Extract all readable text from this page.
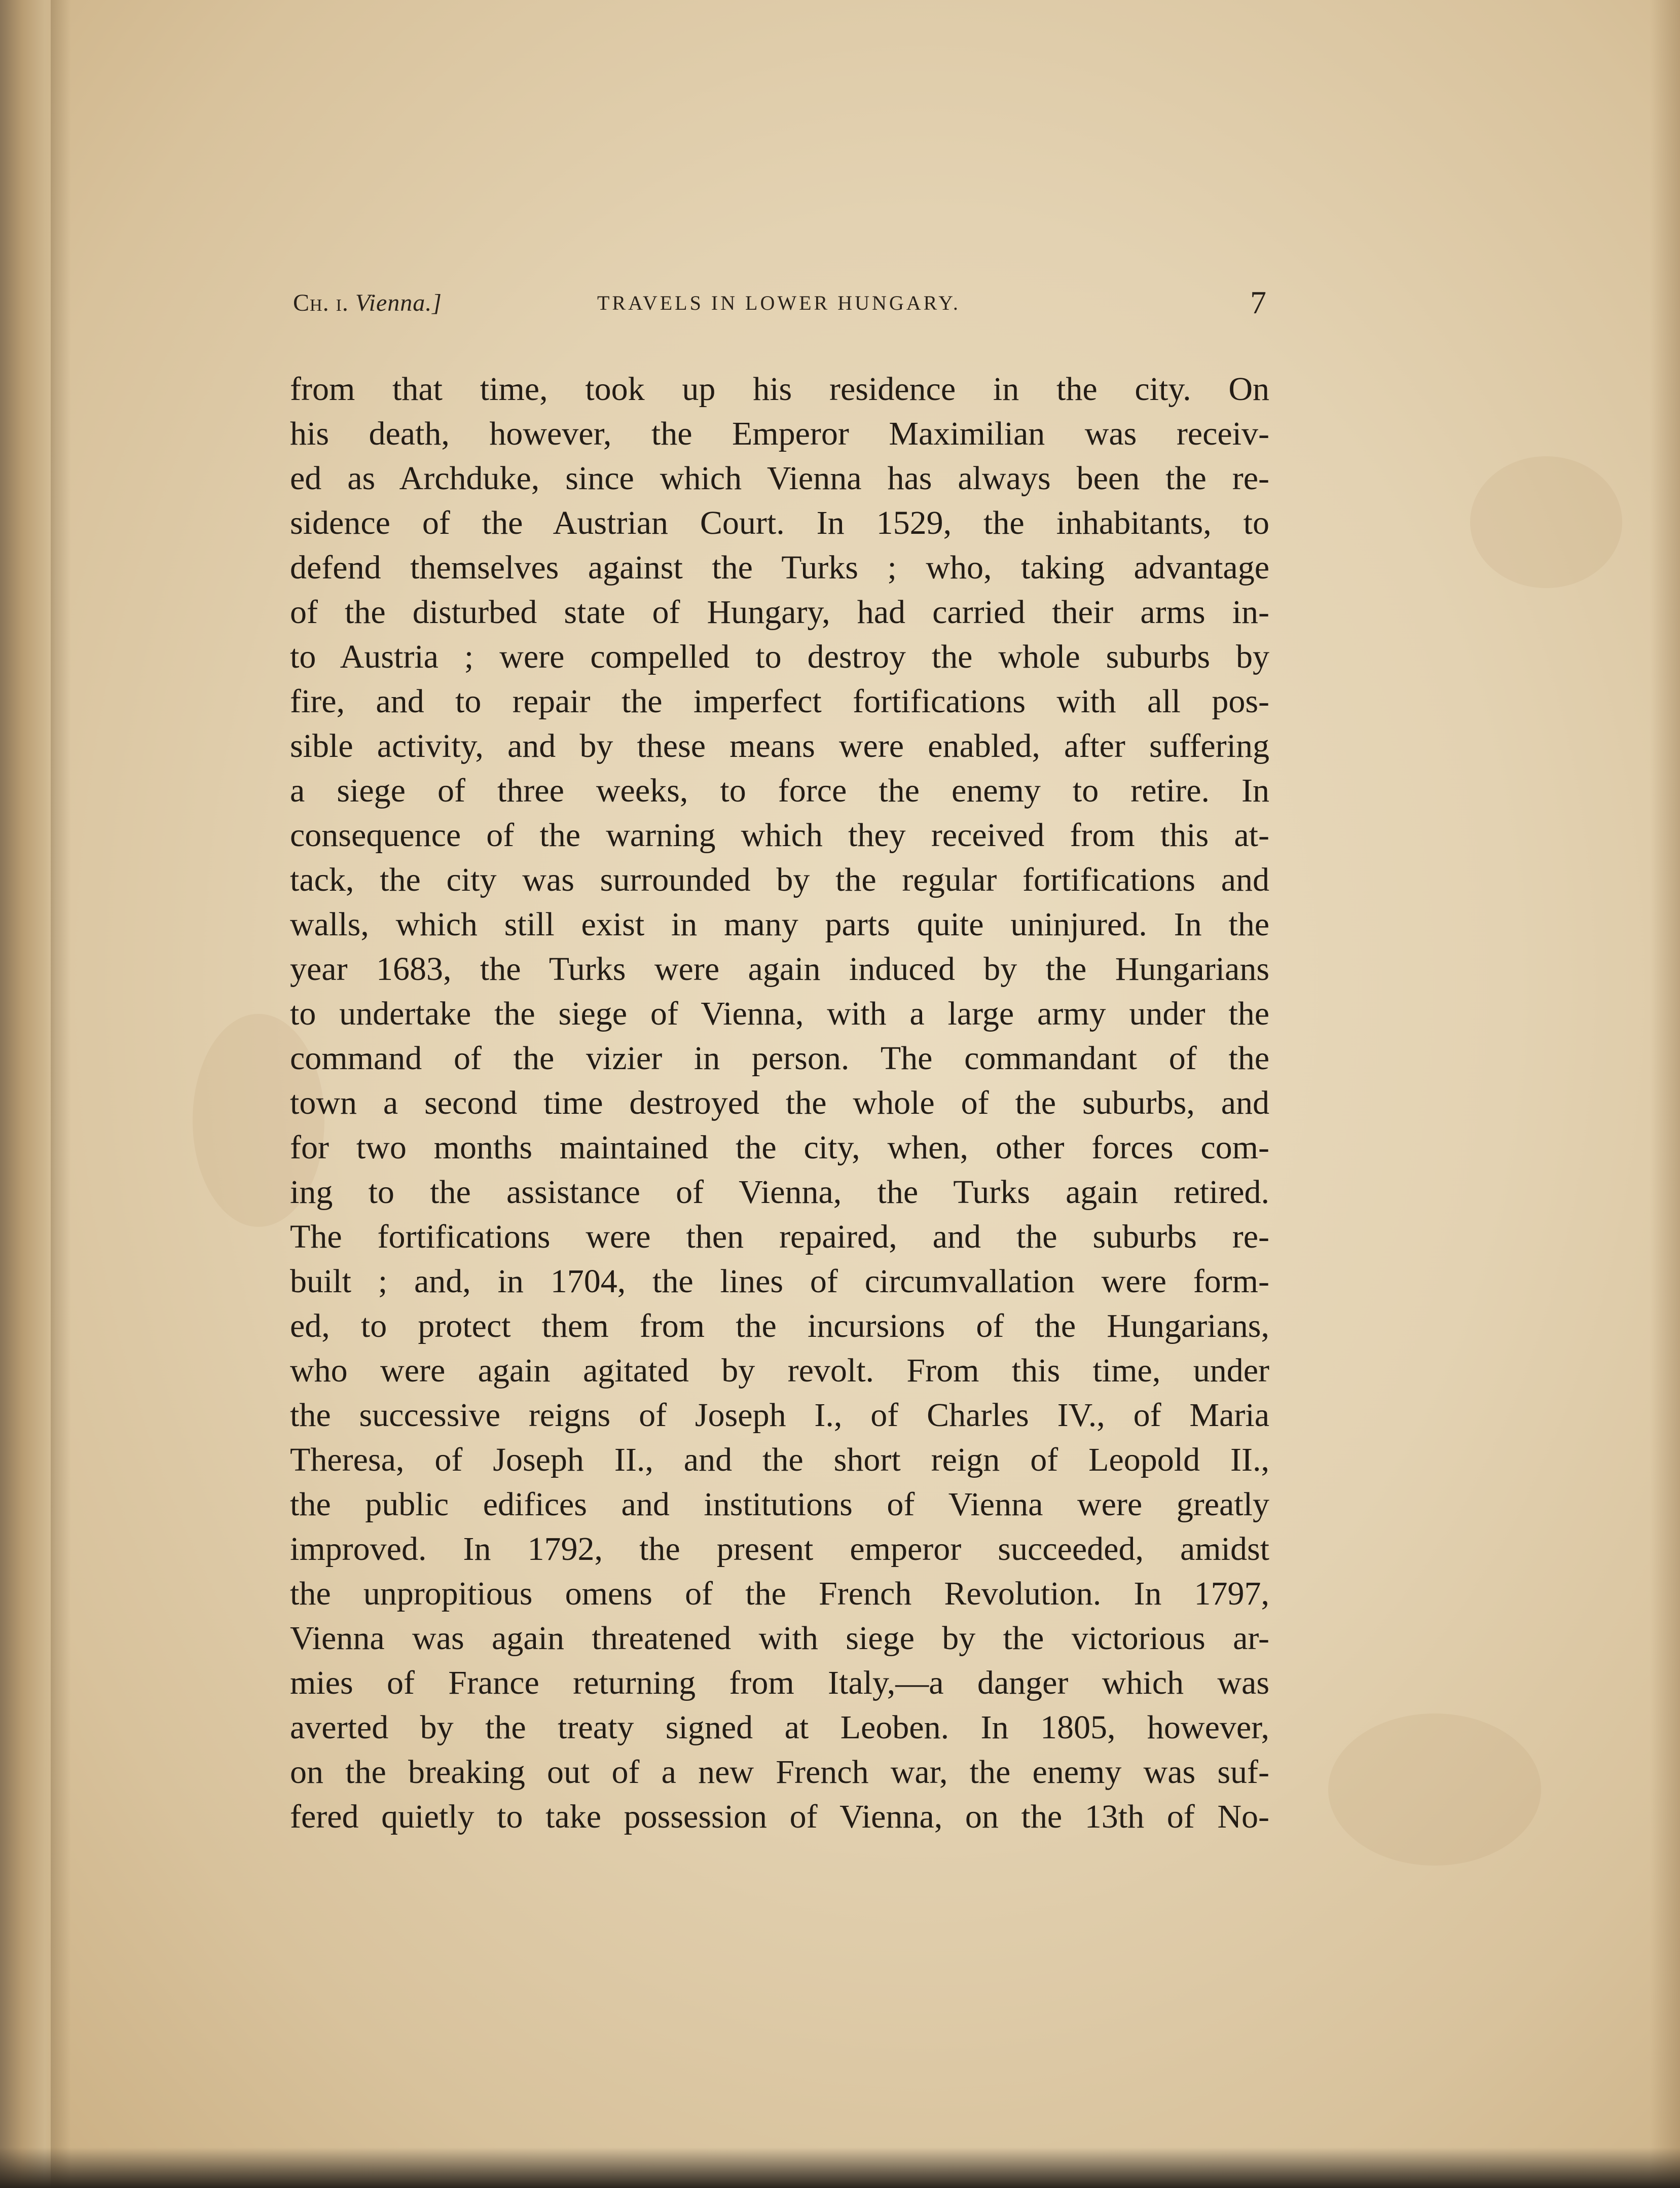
Ch. i. Vienna.]	TRAVELS IN LOWER HUNGARY.	7
from that time, took up his residence in the city. On
his death, however, the Emperor Maximilian was receiv-
ed as Archduke, since which Vienna has always been the re-
sidence of the Austrian Court. In 1529, the inhabitants, to
defend themselves against the Turks ; who, taking advantage
of the disturbed state of Hungary, had carried their arms in-
to Austria ; were compelled to destroy the whole suburbs by
fire, and to repair the imperfect fortifications with all pos-
sible activity, and by these means were enabled, after suffering
a siege of three weeks, to force the enemy to retire. In
consequence of the warning which they received from this at-
tack, the city was surrounded by the regular fortifications and
walls, which still exist in many parts quite uninjured. In the
year 1683, the Turks were again induced by the Hungarians
to undertake the siege of Vienna, with a large army under the
command of the vizier in person. The commandant of the
town a second time destroyed the whole of the suburbs, and
for two months maintained the city, when, other forces com-
ing to the assistance of Vienna, the Turks again retired.
The fortifications were then repaired, and the suburbs re-
built ; and, in 1704, the lines of circumvallation were form-
ed, to protect them from the incursions of the Hungarians,
who were again agitated by revolt. From this time, under
the successive reigns of Joseph I., of Charles IV., of Maria
Theresa, of Joseph II., and the short reign of Leopold II.,
the public edifices and institutions of Vienna were greatly
improved. In 1792, the present emperor succeeded, amidst
the unpropitious omens of the French Revolution. In 1797,
Vienna was again threatened with siege by the victorious ar-
mies of France returning from Italy,—a danger which was
averted by the treaty signed at Leoben. In 1805, however,
on the breaking out of a new French war, the enemy was suf-
fered quietly to take possession of Vienna, on the 13th of No-
